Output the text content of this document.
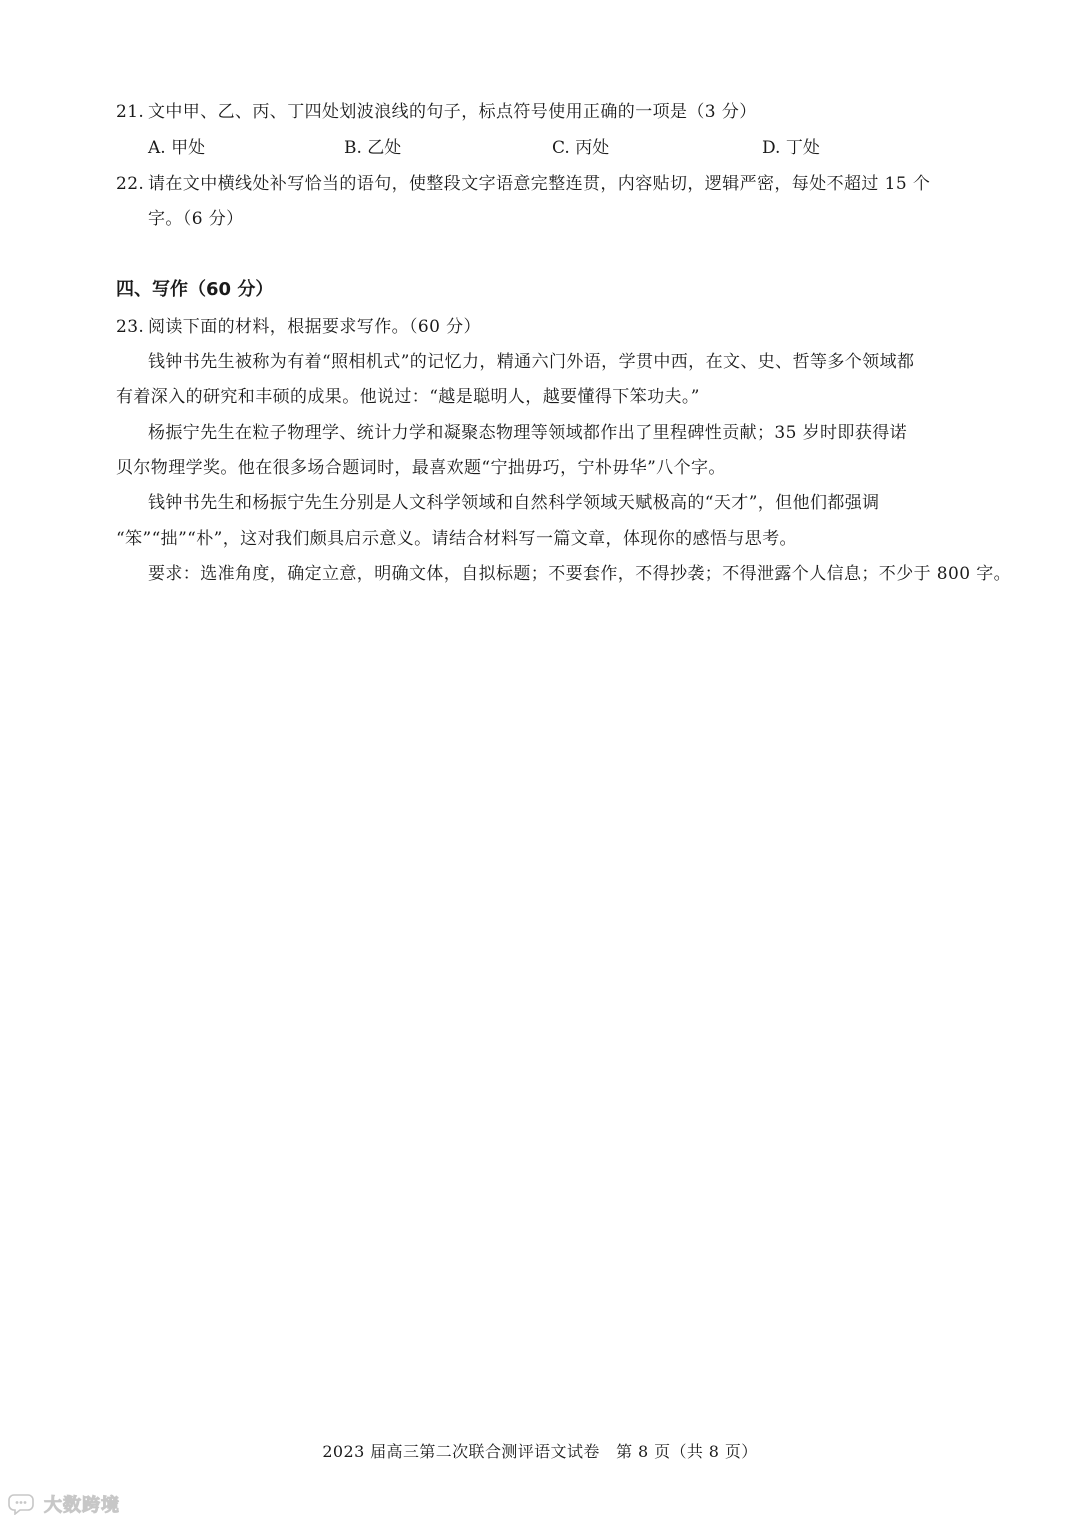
21. 文中甲、乙、丙、丁四处划波浪线的句子，标点符号使用正确的一项是（3 分）
A. 甲处	B. 乙处	C. 丙处	D. 丁处
22. 请在文中横线处补写恰当的语句，使整段文字语意完整连贯，内容贴切，逻辑严密，每处不超过 15 个
字。（6 分）
四、写作（60 分）
23. 阅读下面的材料，根据要求写作。（60 分）
钱钟书先生被称为有着“照相机式”的记忆力，精通六门外语，学贯中西，在文、史、哲等多个领域都
有着深入的研究和丰硕的成果。他说过：“越是聪明人，越要懂得下笨功夫。”
杨振宁先生在粒子物理学、统计力学和凝聚态物理等领域都作出了里程碑性贡献；35 岁时即获得诺
贝尔物理学奖。他在很多场合题词时，最喜欢题“宁拙毋巧，宁朴毋华”八个字。
钱钟书先生和杨振宁先生分别是人文科学领域和自然科学领域天赋极高的“天才”，但他们都强调
“笨”“拙”“朴”，这对我们颇具启示意义。请结合材料写一篇文章，体现你的感悟与思考。
要求：选准角度，确定立意，明确文体，自拟标题；不要套作，不得抄袭；不得泄露个人信息；不少于 800 字。
2023 届高三第二次联合测评语文试卷　第 8 页（共 8 页）
大数跨境
